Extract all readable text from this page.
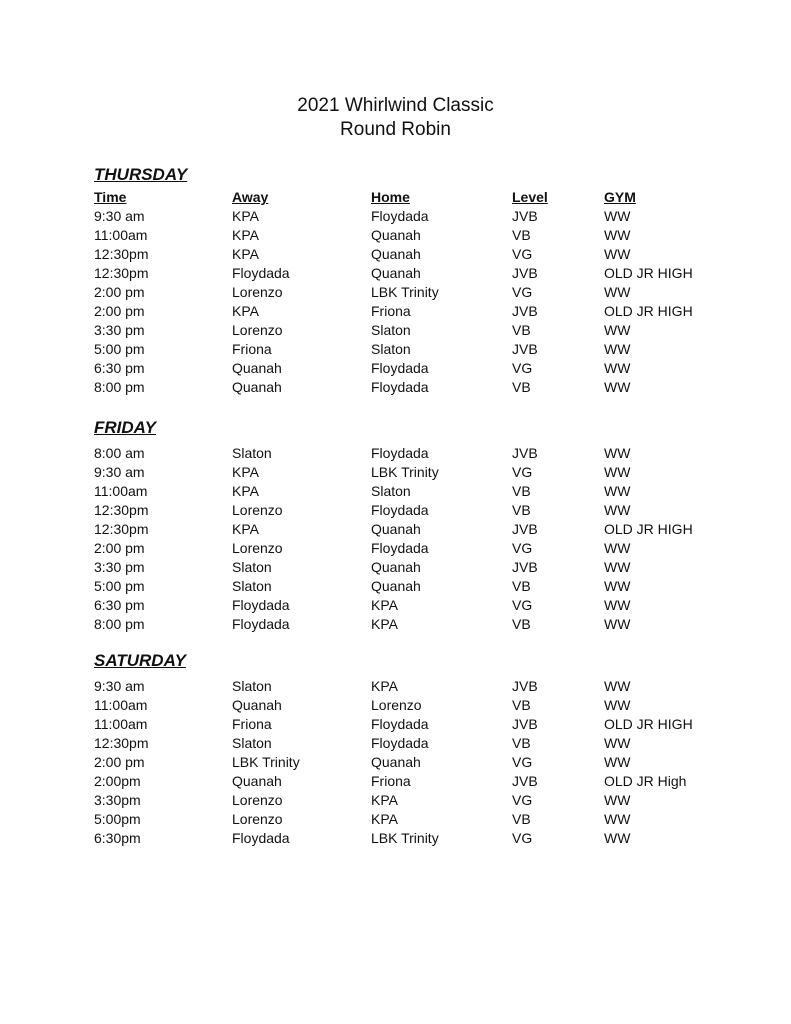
2021 Whirlwind Classic
Round Robin
THURSDAY
Time	Away	Home	Level	GYM
9:30 am	KPA	Floydada	JVB	WW
11:00am	KPA	Quanah	VB	WW
12:30pm	KPA	Quanah	VG	WW
12:30pm	Floydada	Quanah	JVB	OLD JR HIGH
2:00 pm	Lorenzo	LBK Trinity	VG	WW
2:00 pm	KPA	Friona	JVB	OLD JR HIGH
3:30 pm	Lorenzo	Slaton	VB	WW
5:00 pm	Friona	Slaton	JVB	WW
6:30 pm	Quanah	Floydada	VG	WW
8:00 pm	Quanah	Floydada	VB	WW
FRIDAY
8:00 am	Slaton	Floydada	JVB	WW
9:30 am	KPA	LBK Trinity	VG	WW
11:00am	KPA	Slaton	VB	WW
12:30pm	Lorenzo	Floydada	VB	WW
12:30pm	KPA	Quanah	JVB	OLD JR HIGH
2:00 pm	Lorenzo	Floydada	VG	WW
3:30 pm	Slaton	Quanah	JVB	WW
5:00 pm	Slaton	Quanah	VB	WW
6:30 pm	Floydada	KPA	VG	WW
8:00 pm	Floydada	KPA	VB	WW
SATURDAY
9:30 am	Slaton	KPA	JVB	WW
11:00am	Quanah	Lorenzo	VB	WW
11:00am	Friona	Floydada	JVB	OLD JR HIGH
12:30pm	Slaton	Floydada	VB	WW
2:00 pm	LBK Trinity	Quanah	VG	WW
2:00pm	Quanah	Friona	JVB	OLD JR High
3:30pm	Lorenzo	KPA	VG	WW
5:00pm	Lorenzo	KPA	VB	WW
6:30pm	Floydada	LBK Trinity	VG	WW
